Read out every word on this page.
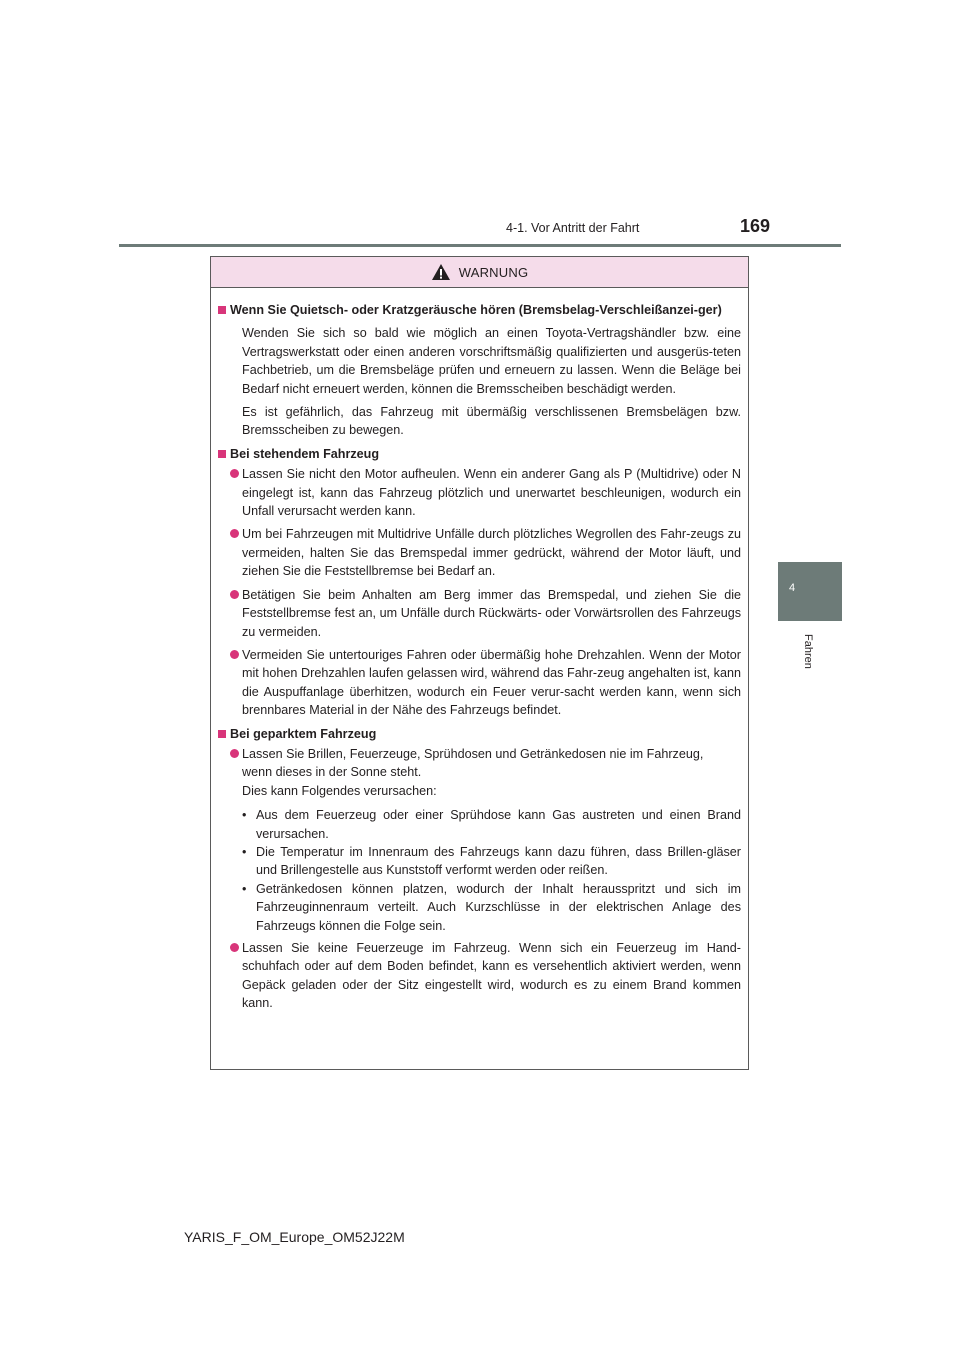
4-1. Vor Antritt der Fahrt	169
4
Fahren
WARNUNG
Wenn Sie Quietsch- oder Kratzgeräusche hören (Bremsbelag-Verschleißanzei-ger)

Wenden Sie sich so bald wie möglich an einen Toyota-Vertragshändler bzw. eine Vertragswerkstatt oder einen anderen vorschriftsmäßig qualifizierten und ausgerüs-teten Fachbetrieb, um die Bremsbeläge prüfen und erneuern zu lassen. Wenn die Beläge bei Bedarf nicht erneuert werden, können die Bremsscheiben beschädigt werden.

Es ist gefährlich, das Fahrzeug mit übermäßig verschlissenen Bremsbelägen bzw. Bremsscheiben zu bewegen.

Bei stehendem Fahrzeug
Lassen Sie nicht den Motor aufheulen. Wenn ein anderer Gang als P (Multidrive) oder N eingelegt ist, kann das Fahrzeug plötzlich und unerwartet beschleunigen, wodurch ein Unfall verursacht werden kann.
Um bei Fahrzeugen mit Multidrive Unfälle durch plötzliches Wegrollen des Fahr-zeugs zu vermeiden, halten Sie das Bremspedal immer gedrückt, während der Motor läuft, und ziehen Sie die Feststellbremse bei Bedarf an.
Betätigen Sie beim Anhalten am Berg immer das Bremspedal, und ziehen Sie die Feststellbremse fest an, um Unfälle durch Rückwärts- oder Vorwärtsrollen des Fahrzeugs zu vermeiden.
Vermeiden Sie untertouriges Fahren oder übermäßig hohe Drehzahlen. Wenn der Motor mit hohen Drehzahlen laufen gelassen wird, während das Fahr-zeug angehalten ist, kann die Auspuffanlage überhitzen, wodurch ein Feuer verur-sacht werden kann, wenn sich brennbares Material in der Nähe des Fahrzeugs befindet.
Bei geparktem Fahrzeug
Lassen Sie Brillen, Feuerzeuge, Sprühdosen und Getränkedosen nie im Fahrzeug,
wenn dieses in der Sonne steht.
Dies kann Folgendes verursachen:
• Aus dem Feuerzeug oder einer Sprühdose kann Gas austreten und einen Brand verursachen.
• Die Temperatur im Innenraum des Fahrzeugs kann dazu führen, dass Brillen-gläser und Brillengestelle aus Kunststoff verformt werden oder reißen.
• Getränkedosen können platzen, wodurch der Inhalt herausspritzt und sich im Fahrzeuginnenraum verteilt. Auch Kurzschlüsse in der elektrischen Anlage des Fahrzeugs können die Folge sein.
Lassen Sie keine Feuerzeuge im Fahrzeug. Wenn sich ein Feuerzeug im Hand-schuhfach oder auf dem Boden befindet, kann es versehentlich aktiviert werden, wenn Gepäck geladen oder der Sitz eingestellt wird, wodurch es zu einem Brand kommen kann.
YARIS_F_OM_Europe_OM52J22M
